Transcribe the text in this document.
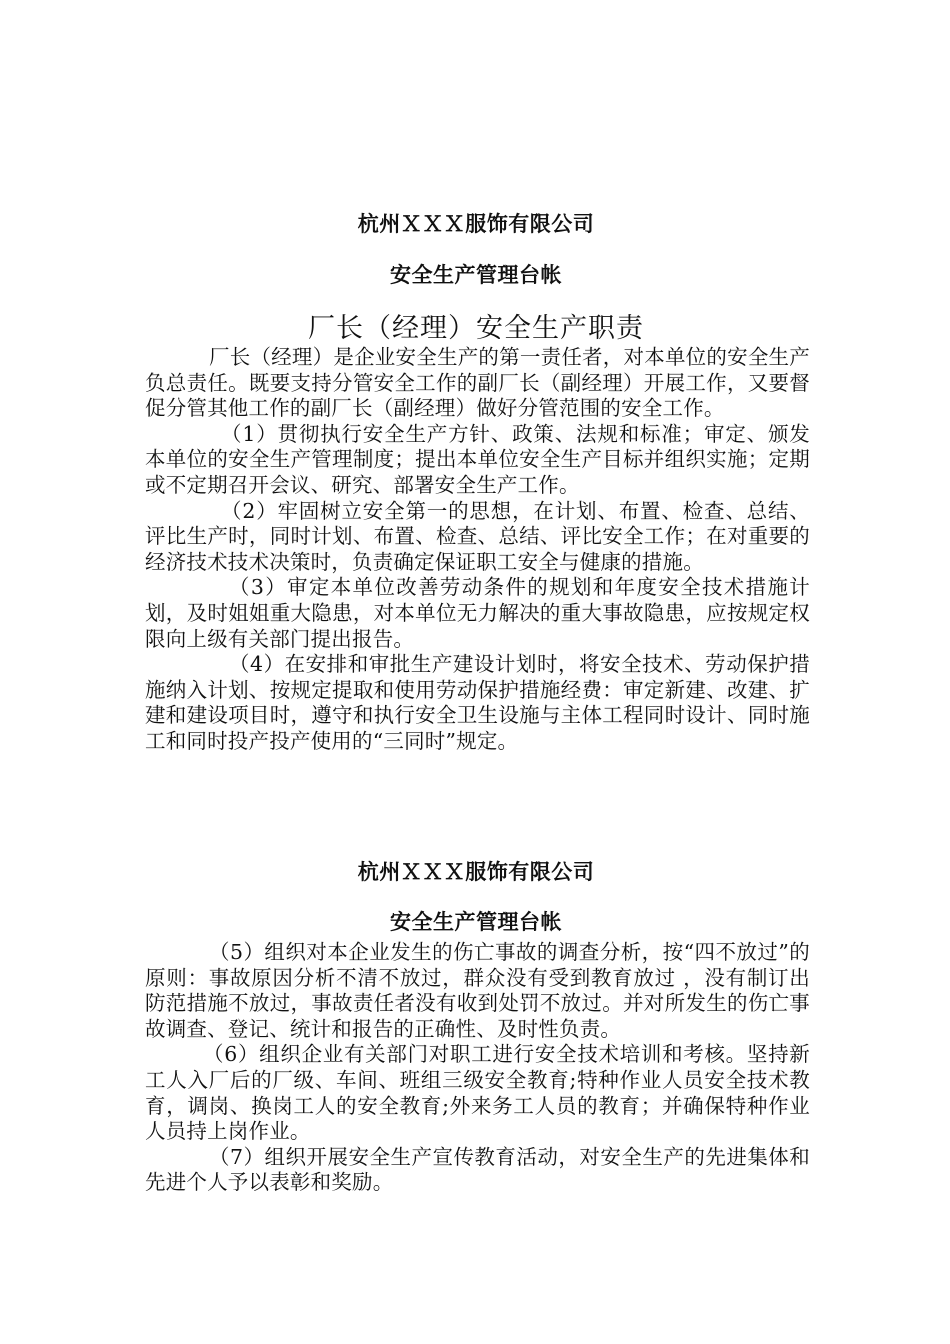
杭州ＸＸＸ服饰有限公司
安全生产管理台帐
厂长（经理）安全生产职责

厂长（经理）是企业安全生产的第一责任者，对本单位的安全生产负总责任。既要支持分管安全工作的副厂长（副经理）开展工作，又要督促分管其他工作的副厂长（副经理）做好分管范围的安全工作。

（1）贯彻执行安全生产方针、政策、法规和标准；审定、颁发本单位的安全生产管理制度；提出本单位安全生产目标并组织实施；定期或不定期召开会议、研究、部署安全生产工作。

（2）牢固树立安全第一的思想，在计划、布置、检查、总结、评比生产时，同时计划、布置、检查、总结、评比安全工作；在对重要的经济技术技术决策时，负责确定保证职工安全与健康的措施。

（3）审定本单位改善劳动条件的规划和年度安全技术措施计划，及时姐姐重大隐患，对本单位无力解决的重大事故隐患，应按规定权限向上级有关部门提出报告。

（4）在安排和审批生产建设计划时，将安全技术、劳动保护措施纳入计划、按规定提取和使用劳动保护措施经费：审定新建、改建、扩建和建设项目时，遵守和执行安全卫生设施与主体工程同时设计、同时施工和同时投产投产使用的“三同时”规定。

杭州ＸＸＸ服饰有限公司
安全生产管理台帐

（5）组织对本企业发生的伤亡事故的调查分析，按“四不放过”的原则：事故原因分析不清不放过，群众没有受到教育放过 ，没有制订出防范措施不放过，事故责任者没有收到处罚不放过。并对所发生的伤亡事故调查、登记、统计和报告的正确性、及时性负责。

（6）组织企业有关部门对职工进行安全技术培训和考核。坚持新工人入厂后的厂级、车间、班组三级安全教育;特种作业人员安全技术教育，调岗、换岗工人的安全教育;外来务工人员的教育；并确保特种作业人员持上岗作业。

（7）组织开展安全生产宣传教育活动，对安全生产的先进集体和先进个人予以表彰和奖励。
